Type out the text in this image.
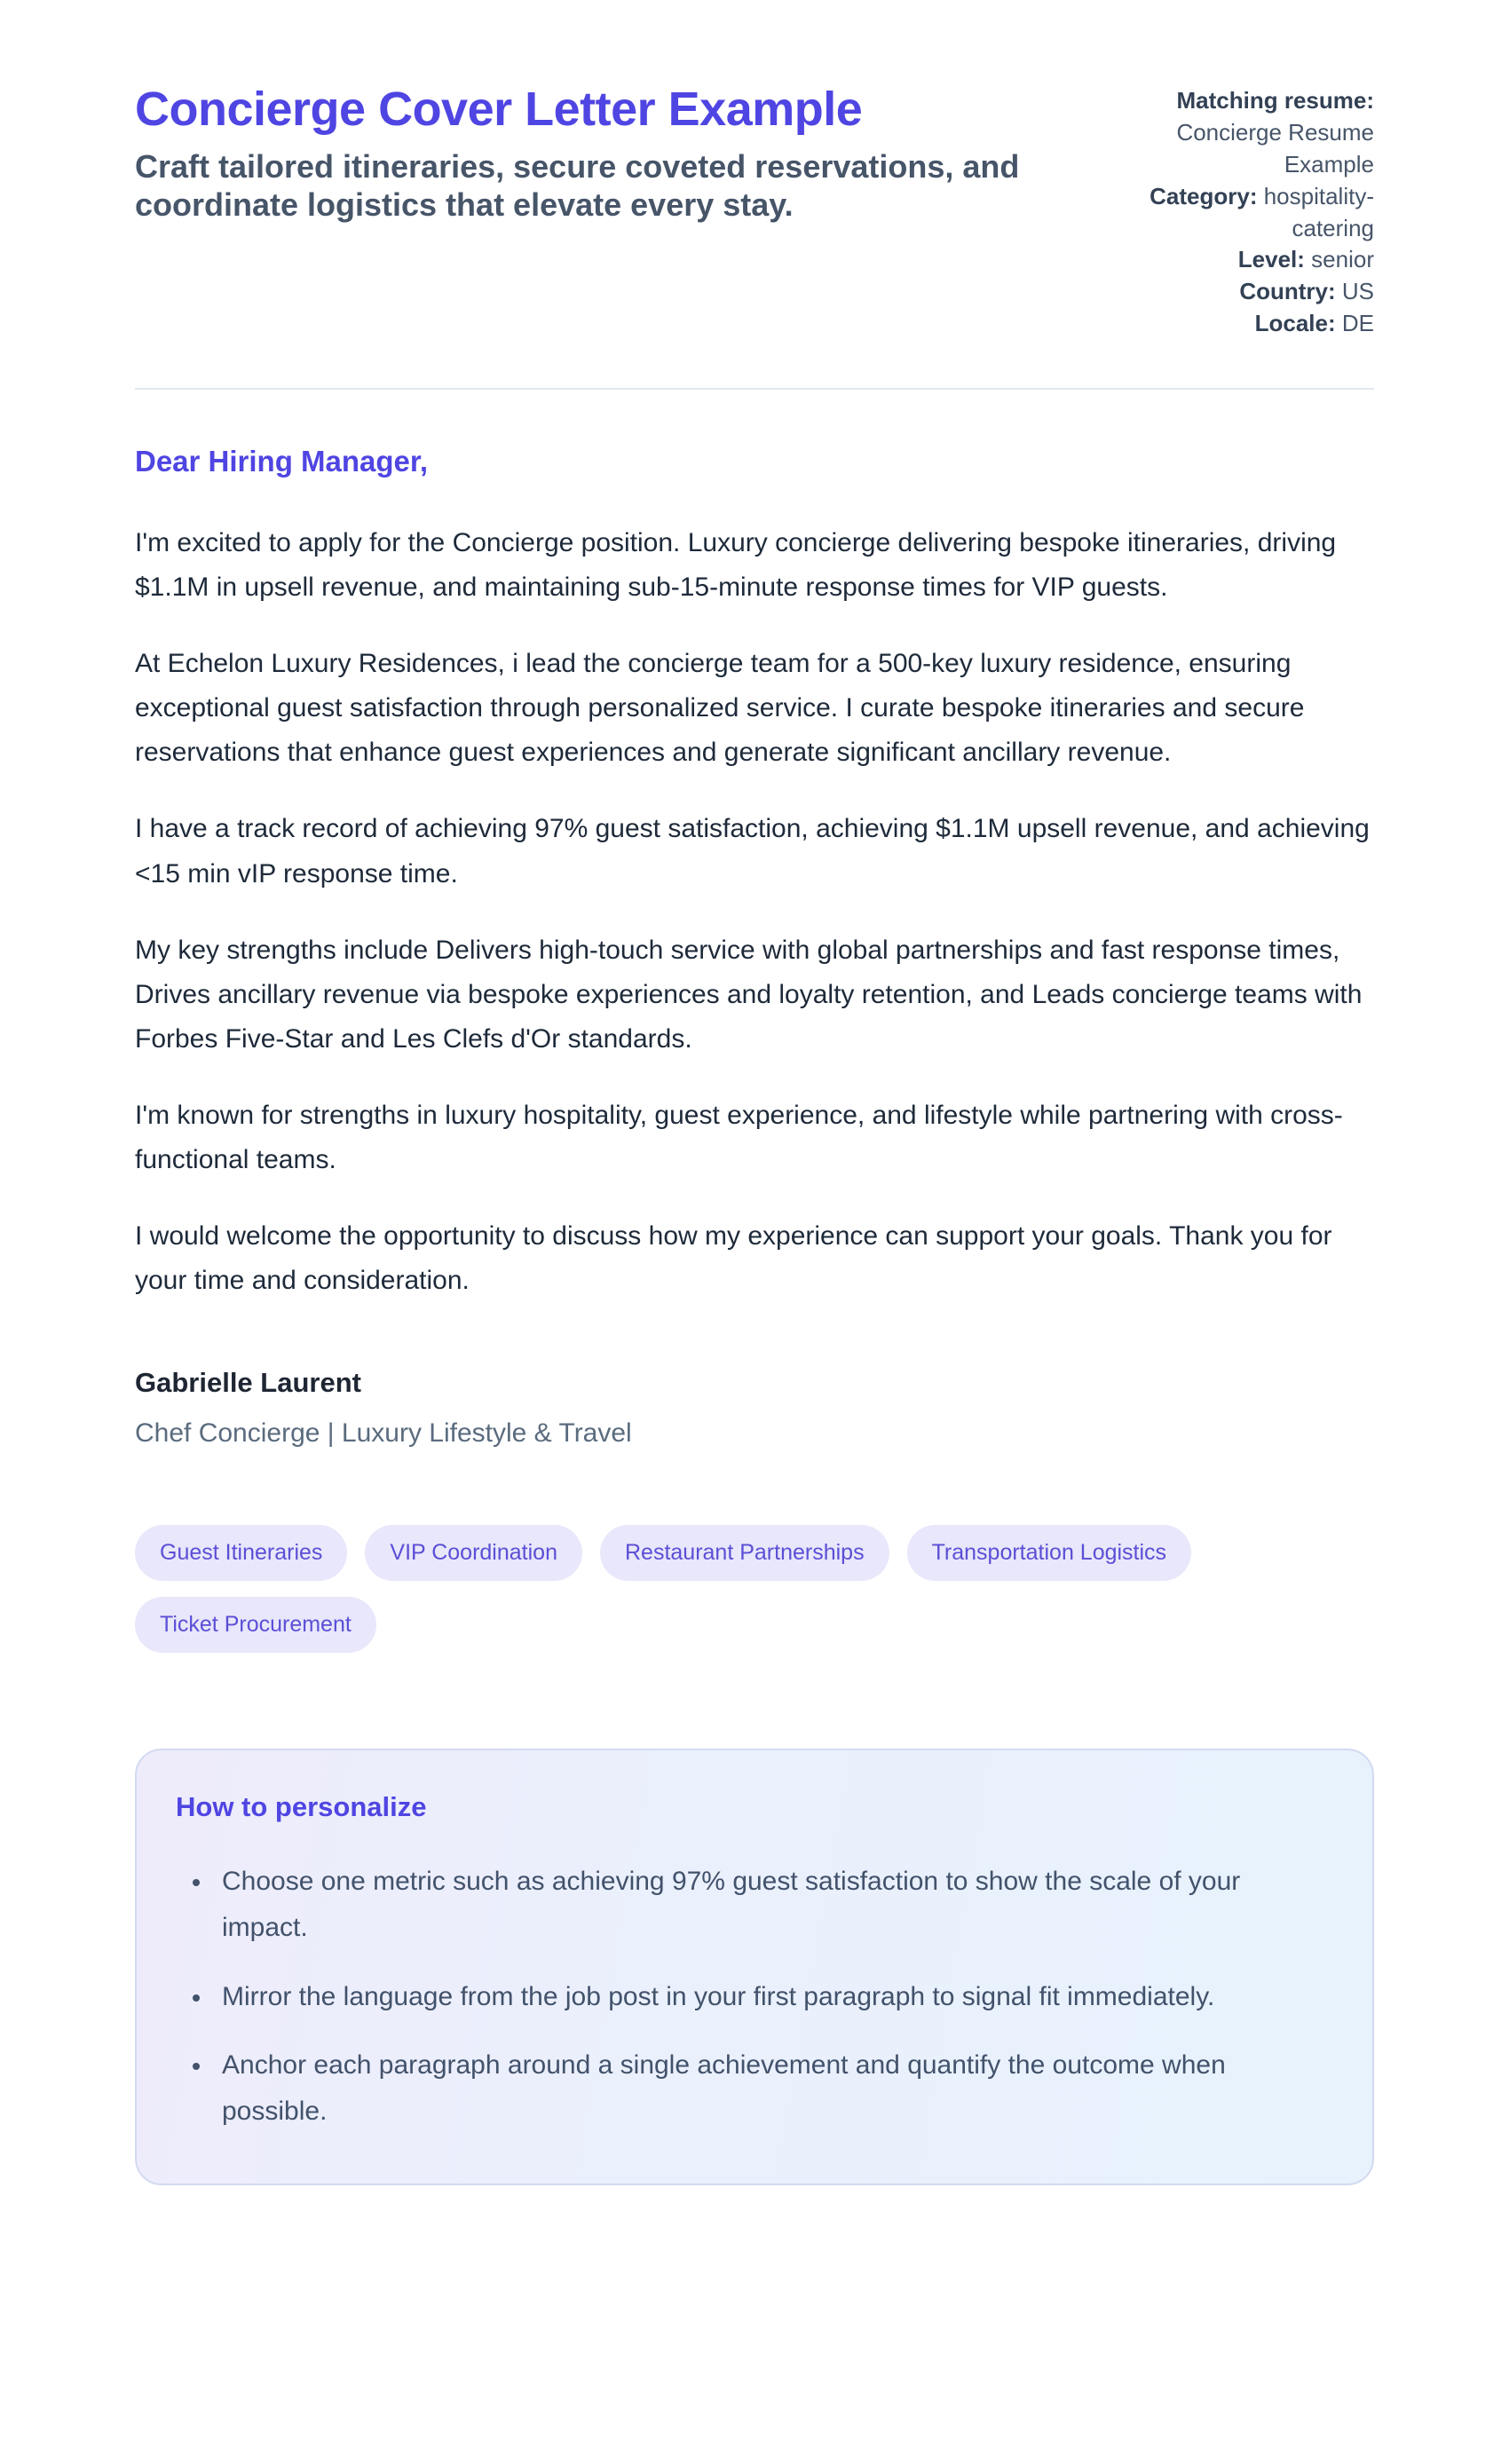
Concierge Cover Letter Example

Craft tailored itineraries, secure coveted reservations, and coordinate logistics that elevate every stay.

Matching resume: Concierge Resume Example
Category: hospitality-catering
Level: senior
Country: US
Locale: DE

Dear Hiring Manager,

I'm excited to apply for the Concierge position. Luxury concierge delivering bespoke itineraries, driving $1.1M in upsell revenue, and maintaining sub-15-minute response times for VIP guests.

At Echelon Luxury Residences, i lead the concierge team for a 500-key luxury residence, ensuring exceptional guest satisfaction through personalized service. I curate bespoke itineraries and secure reservations that enhance guest experiences and generate significant ancillary revenue.

I have a track record of achieving 97% guest satisfaction, achieving $1.1M upsell revenue, and achieving <15 min vIP response time.

My key strengths include Delivers high-touch service with global partnerships and fast response times, Drives ancillary revenue via bespoke experiences and loyalty retention, and Leads concierge teams with Forbes Five-Star and Les Clefs d'Or standards.

I'm known for strengths in luxury hospitality, guest experience, and lifestyle while partnering with cross-functional teams.

I would welcome the opportunity to discuss how my experience can support your goals. Thank you for your time and consideration.

Gabrielle Laurent

Chef Concierge | Luxury Lifestyle & Travel

Guest Itineraries	VIP Coordination	Restaurant Partnerships	Transportation Logistics
Ticket Procurement
How to personalize
• Choose one metric such as achieving 97% guest satisfaction to show the scale of your impact.
• Mirror the language from the job post in your first paragraph to signal fit immediately.
• Anchor each paragraph around a single achievement and quantify the outcome when possible.
